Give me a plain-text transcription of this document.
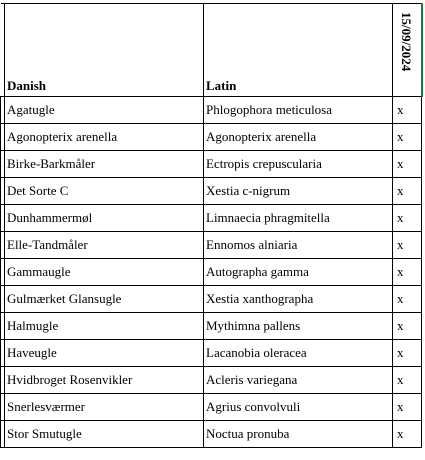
	Danish	Latin	15/09/2024

	Agatugle	Phlogophora meticulosa	x
	Agonopterix arenella	Agonopterix arenella	x
	Birke-Barkmåler	Ectropis crepuscularia	x
	Det Sorte C	Xestia c-nigrum	x
	Dunhammermøl	Limnaecia phragmitella	x
	Elle-Tandmåler	Ennomos alniaria	x
	Gammaugle	Autographa gamma	x
	Gulmærket Glansugle	Xestia xanthographa	x
	Halmugle	Mythimna pallens	x
	Haveugle	Lacanobia oleracea	x
	Hvidbroget Rosenvikler	Acleris variegana	x
	Snerlesværmer	Agrius convolvuli	x
	Stor Smutugle	Noctua pronuba	x
